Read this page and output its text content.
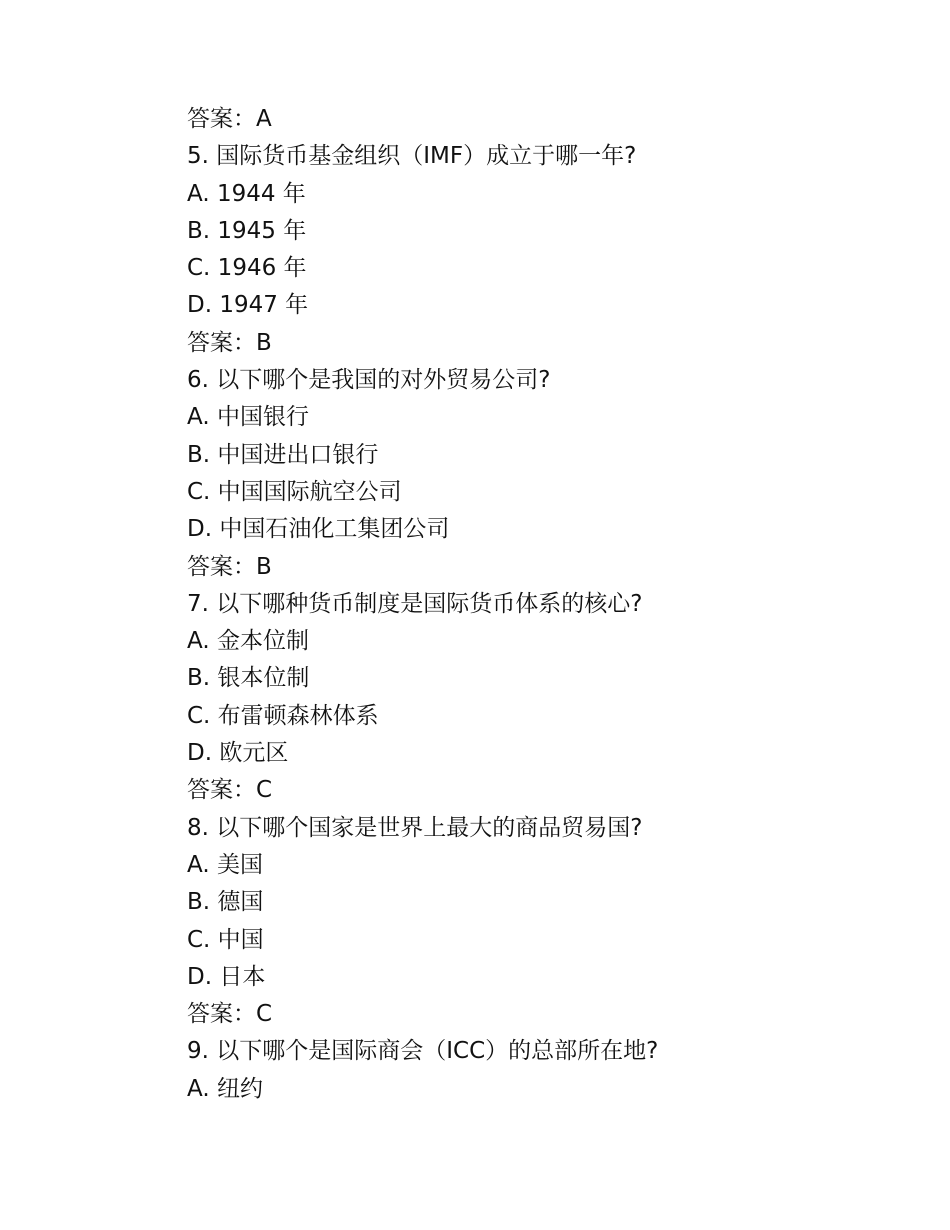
答案：A
5. 国际货币基金组织（IMF）成立于哪一年?
A. 1944 年
B. 1945 年
C. 1946 年
D. 1947 年
答案：B
6. 以下哪个是我国的对外贸易公司?
A. 中国银行
B. 中国进出口银行
C. 中国国际航空公司
D. 中国石油化工集团公司
答案：B
7. 以下哪种货币制度是国际货币体系的核心?
A. 金本位制
B. 银本位制
C. 布雷顿森林体系
D. 欧元区
答案：C
8. 以下哪个国家是世界上最大的商品贸易国?
A. 美国
B. 德国
C. 中国
D. 日本
答案：C
9. 以下哪个是国际商会（ICC）的总部所在地?
A. 纽约
